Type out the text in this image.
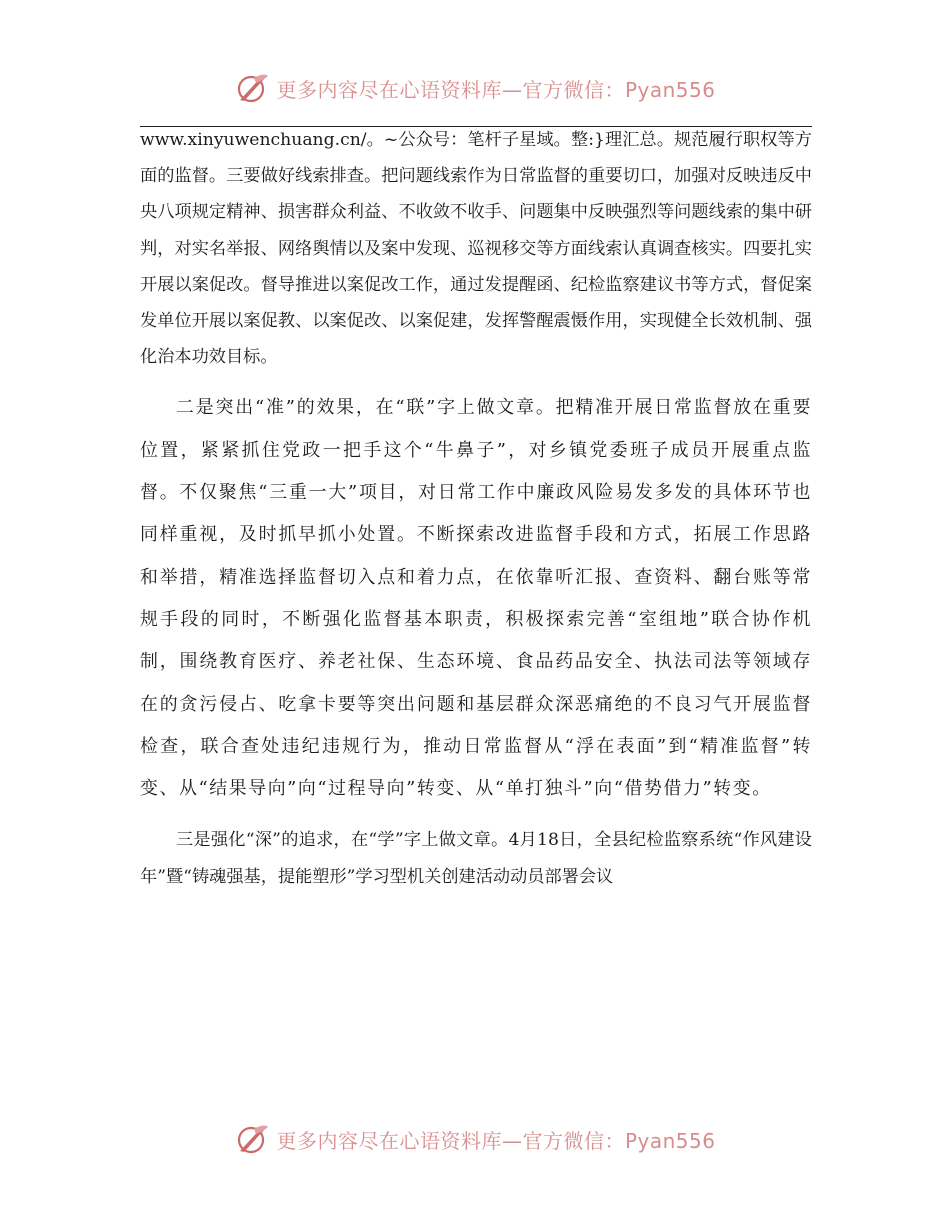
更多内容尽在心语资料库—官方微信：Pyan556

www.xinyuwenchuang.cn/。~公众号：笔杆子星域。整:}理汇总。规范履行职权等方面的监督。三要做好线索排查。把问题线索作为日常监督的重要切口，加强对反映违反中央八项规定精神、损害群众利益、不收敛不收手、问题集中反映强烈等问题线索的集中研判，对实名举报、网络舆情以及案中发现、巡视移交等方面线索认真调查核实。四要扎实开展以案促改。督导推进以案促改工作，通过发提醒函、纪检监察建议书等方式，督促案发单位开展以案促教、以案促改、以案促建，发挥警醒震慑作用，实现健全长效机制、强化治本功效目标。

二是突出“准”的效果，在“联”字上做文章。把精准开展日常监督放在重要位置，紧紧抓住党政一把手这个“牛鼻子”，对乡镇党委班子成员开展重点监督。不仅聚焦“三重一大”项目，对日常工作中廉政风险易发多发的具体环节也同样重视，及时抓早抓小处置。不断探索改进监督手段和方式，拓展工作思路和举措，精准选择监督切入点和着力点，在依靠听汇报、查资料、翻台账等常规手段的同时，不断强化监督基本职责，积极探索完善“室组地”联合协作机制，围绕教育医疗、养老社保、生态环境、食品药品安全、执法司法等领域存在的贪污侵占、吃拿卡要等突出问题和基层群众深恶痛绝的不良习气开展监督检查，联合查处违纪违规行为，推动日常监督从“浮在表面”到“精准监督”转变、从“结果导向”向“过程导向”转变、从“单打独斗”向“借势借力”转变。

三是强化“深”的追求，在“学”字上做文章。4月18日，全县纪检监察系统“作风建设年”暨“铸魂强基，提能塑形”学习型机关创建活动动员部署会议

更多内容尽在心语资料库—官方微信：Pyan556
